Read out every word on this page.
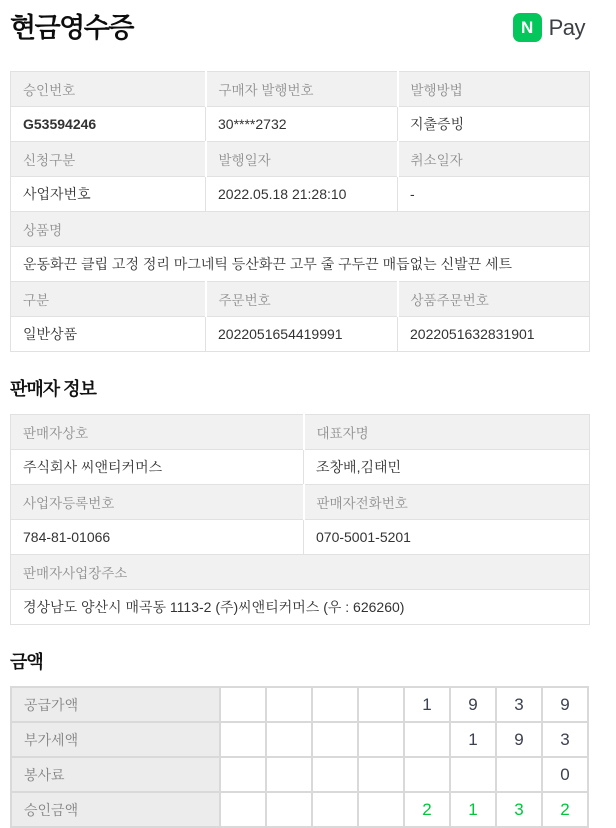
현금영수증	N Pay
승인번호	구매자 발행번호	발행방법
G53594246	30****2732	지출증빙
신청구분	발행일자	취소일자
사업자번호	2022.05.18 21:28:10	-
상품명		
운동화끈 클립 고정 정리 마그네틱 등산화끈 고무 줄 구두끈 매듭없는 신발끈 세트		
구분	주문번호	상품주문번호
일반상품	2022051654419991	2022051632831901
판매자 정보
판매자상호	대표자명
주식회사 씨앤티커머스	조창배,김태민
사업자등록번호	판매자전화번호
784-81-01066	070-5001-5201
판매자사업장주소	
경상남도 양산시 매곡동 1113-2 (주)씨앤티커머스 (우 : 626260)	
금액
공급가액					1	9	3	9
부가세액						1	9	3
봉사료								0
승인금액					2	1	3	2
